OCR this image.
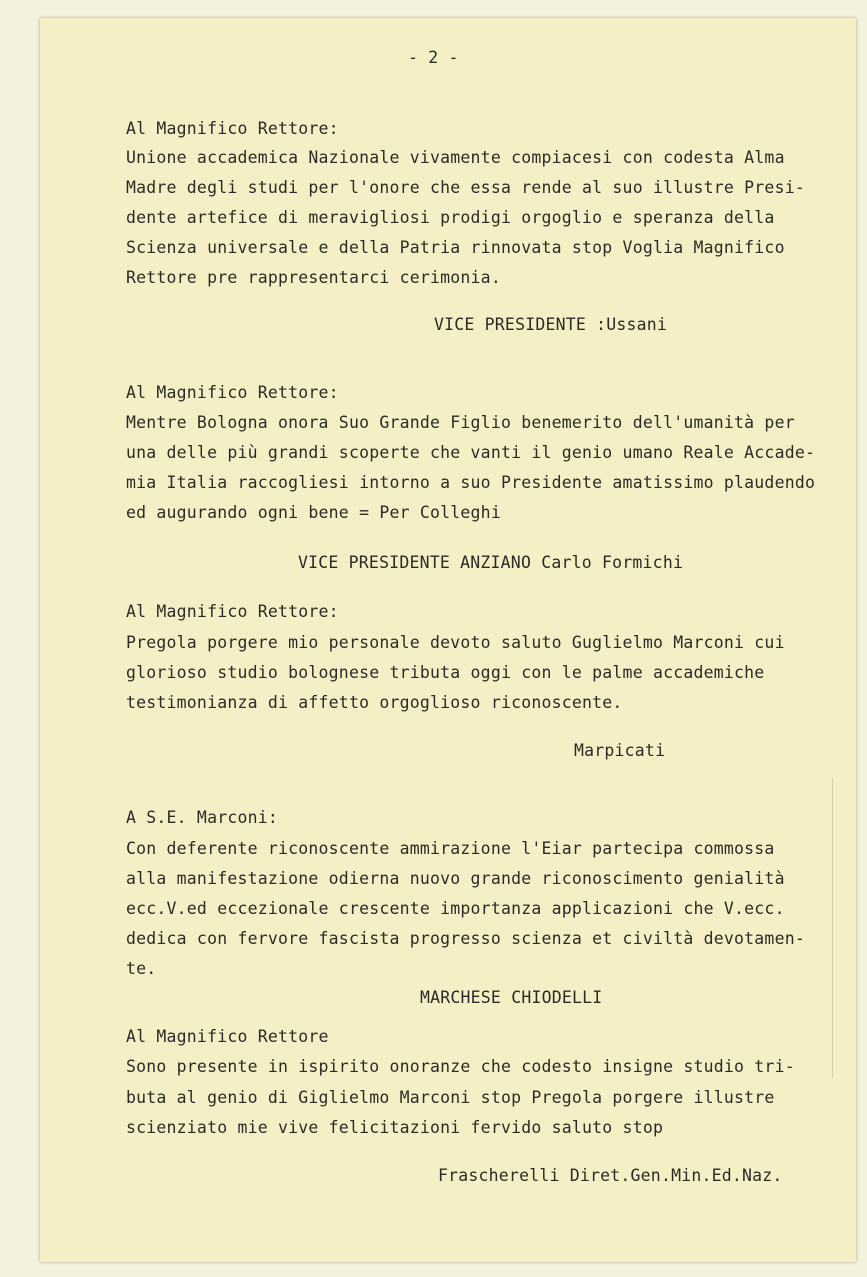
- 2 -
Al Magnifico Rettore:
Unione accademica Nazionale vivamente compiacesi con codesta Alma
Madre degli studi per l'onore che essa rende al suo illustre Presi-
dente artefice di meravigliosi prodigi orgoglio e speranza della
Scienza universale e della Patria rinnovata stop Voglia Magnifico
Rettore pre rappresentarci cerimonia.
VICE PRESIDENTE :Ussani
Al Magnifico Rettore:
Mentre Bologna onora Suo Grande Figlio benemerito dell'umanità per
una delle più grandi scoperte che vanti il genio umano Reale Accade-
mia Italia raccogliesi intorno a suo Presidente amatissimo plaudendo
ed augurando ogni bene = Per Colleghi
VICE PRESIDENTE ANZIANO Carlo Formichi
Al Magnifico Rettore:
Pregola porgere mio personale devoto saluto Guglielmo Marconi cui
glorioso studio bolognese tributa oggi con le palme accademiche
testimonianza di affetto orgoglioso riconoscente.
Marpicati
A S.E. Marconi:
Con deferente riconoscente ammirazione l'Eiar partecipa commossa
alla manifestazione odierna nuovo grande riconoscimento genialità
ecc.V.ed eccezionale crescente importanza applicazioni che V.ecc.
dedica con fervore fascista progresso scienza et civiltà devotamen-
te.
MARCHESE CHIODELLI
Al Magnifico Rettore
Sono presente in ispirito onoranze che codesto insigne studio tri-
buta al genio di Giglielmo Marconi stop Pregola porgere illustre
scienziato mie vive felicitazioni fervido saluto stop
Frascherelli Diret.Gen.Min.Ed.Naz.
